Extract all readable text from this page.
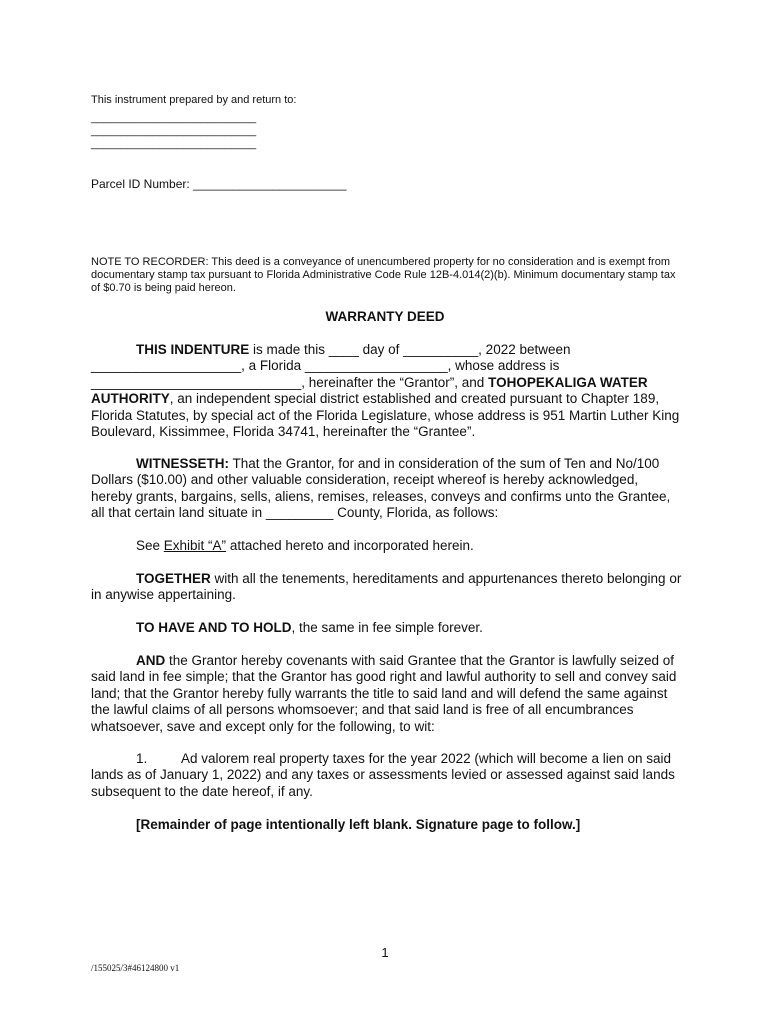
This instrument prepared by and return to:
___________________________
___________________________
___________________________
Parcel ID Number: _______________________
NOTE TO RECORDER: This deed is a conveyance of unencumbered property for no consideration and is exempt from documentary stamp tax pursuant to Florida Administrative Code Rule 12B-4.014(2)(b). Minimum documentary stamp tax of $0.70 is being paid hereon.
WARRANTY DEED
THIS INDENTURE is made this ____ day of __________, 2022 between ____________________, a Florida ___________________, whose address is ____________________________, hereinafter the “Grantor”, and TOHOPEKALIGA WATER AUTHORITY, an independent special district established and created pursuant to Chapter 189, Florida Statutes, by special act of the Florida Legislature, whose address is 951 Martin Luther King Boulevard, Kissimmee, Florida 34741, hereinafter the “Grantee”.
WITNESSETH: That the Grantor, for and in consideration of the sum of Ten and No/100 Dollars ($10.00) and other valuable consideration, receipt whereof is hereby acknowledged, hereby grants, bargains, sells, aliens, remises, releases, conveys and confirms unto the Grantee, all that certain land situate in _________ County, Florida, as follows:
See Exhibit “A” attached hereto and incorporated herein.
TOGETHER with all the tenements, hereditaments and appurtenances thereto belonging or in anywise appertaining.
TO HAVE AND TO HOLD, the same in fee simple forever.
AND the Grantor hereby covenants with said Grantee that the Grantor is lawfully seized of said land in fee simple; that the Grantor has good right and lawful authority to sell and convey said land; that the Grantor hereby fully warrants the title to said land and will defend the same against the lawful claims of all persons whomsoever; and that said land is free of all encumbrances whatsoever, save and except only for the following, to wit:
1. Ad valorem real property taxes for the year 2022 (which will become a lien on said lands as of January 1, 2022) and any taxes or assessments levied or assessed against said lands subsequent to the date hereof, if any.
[Remainder of page intentionally left blank. Signature page to follow.]
1
/155025/3#46124800 v1
